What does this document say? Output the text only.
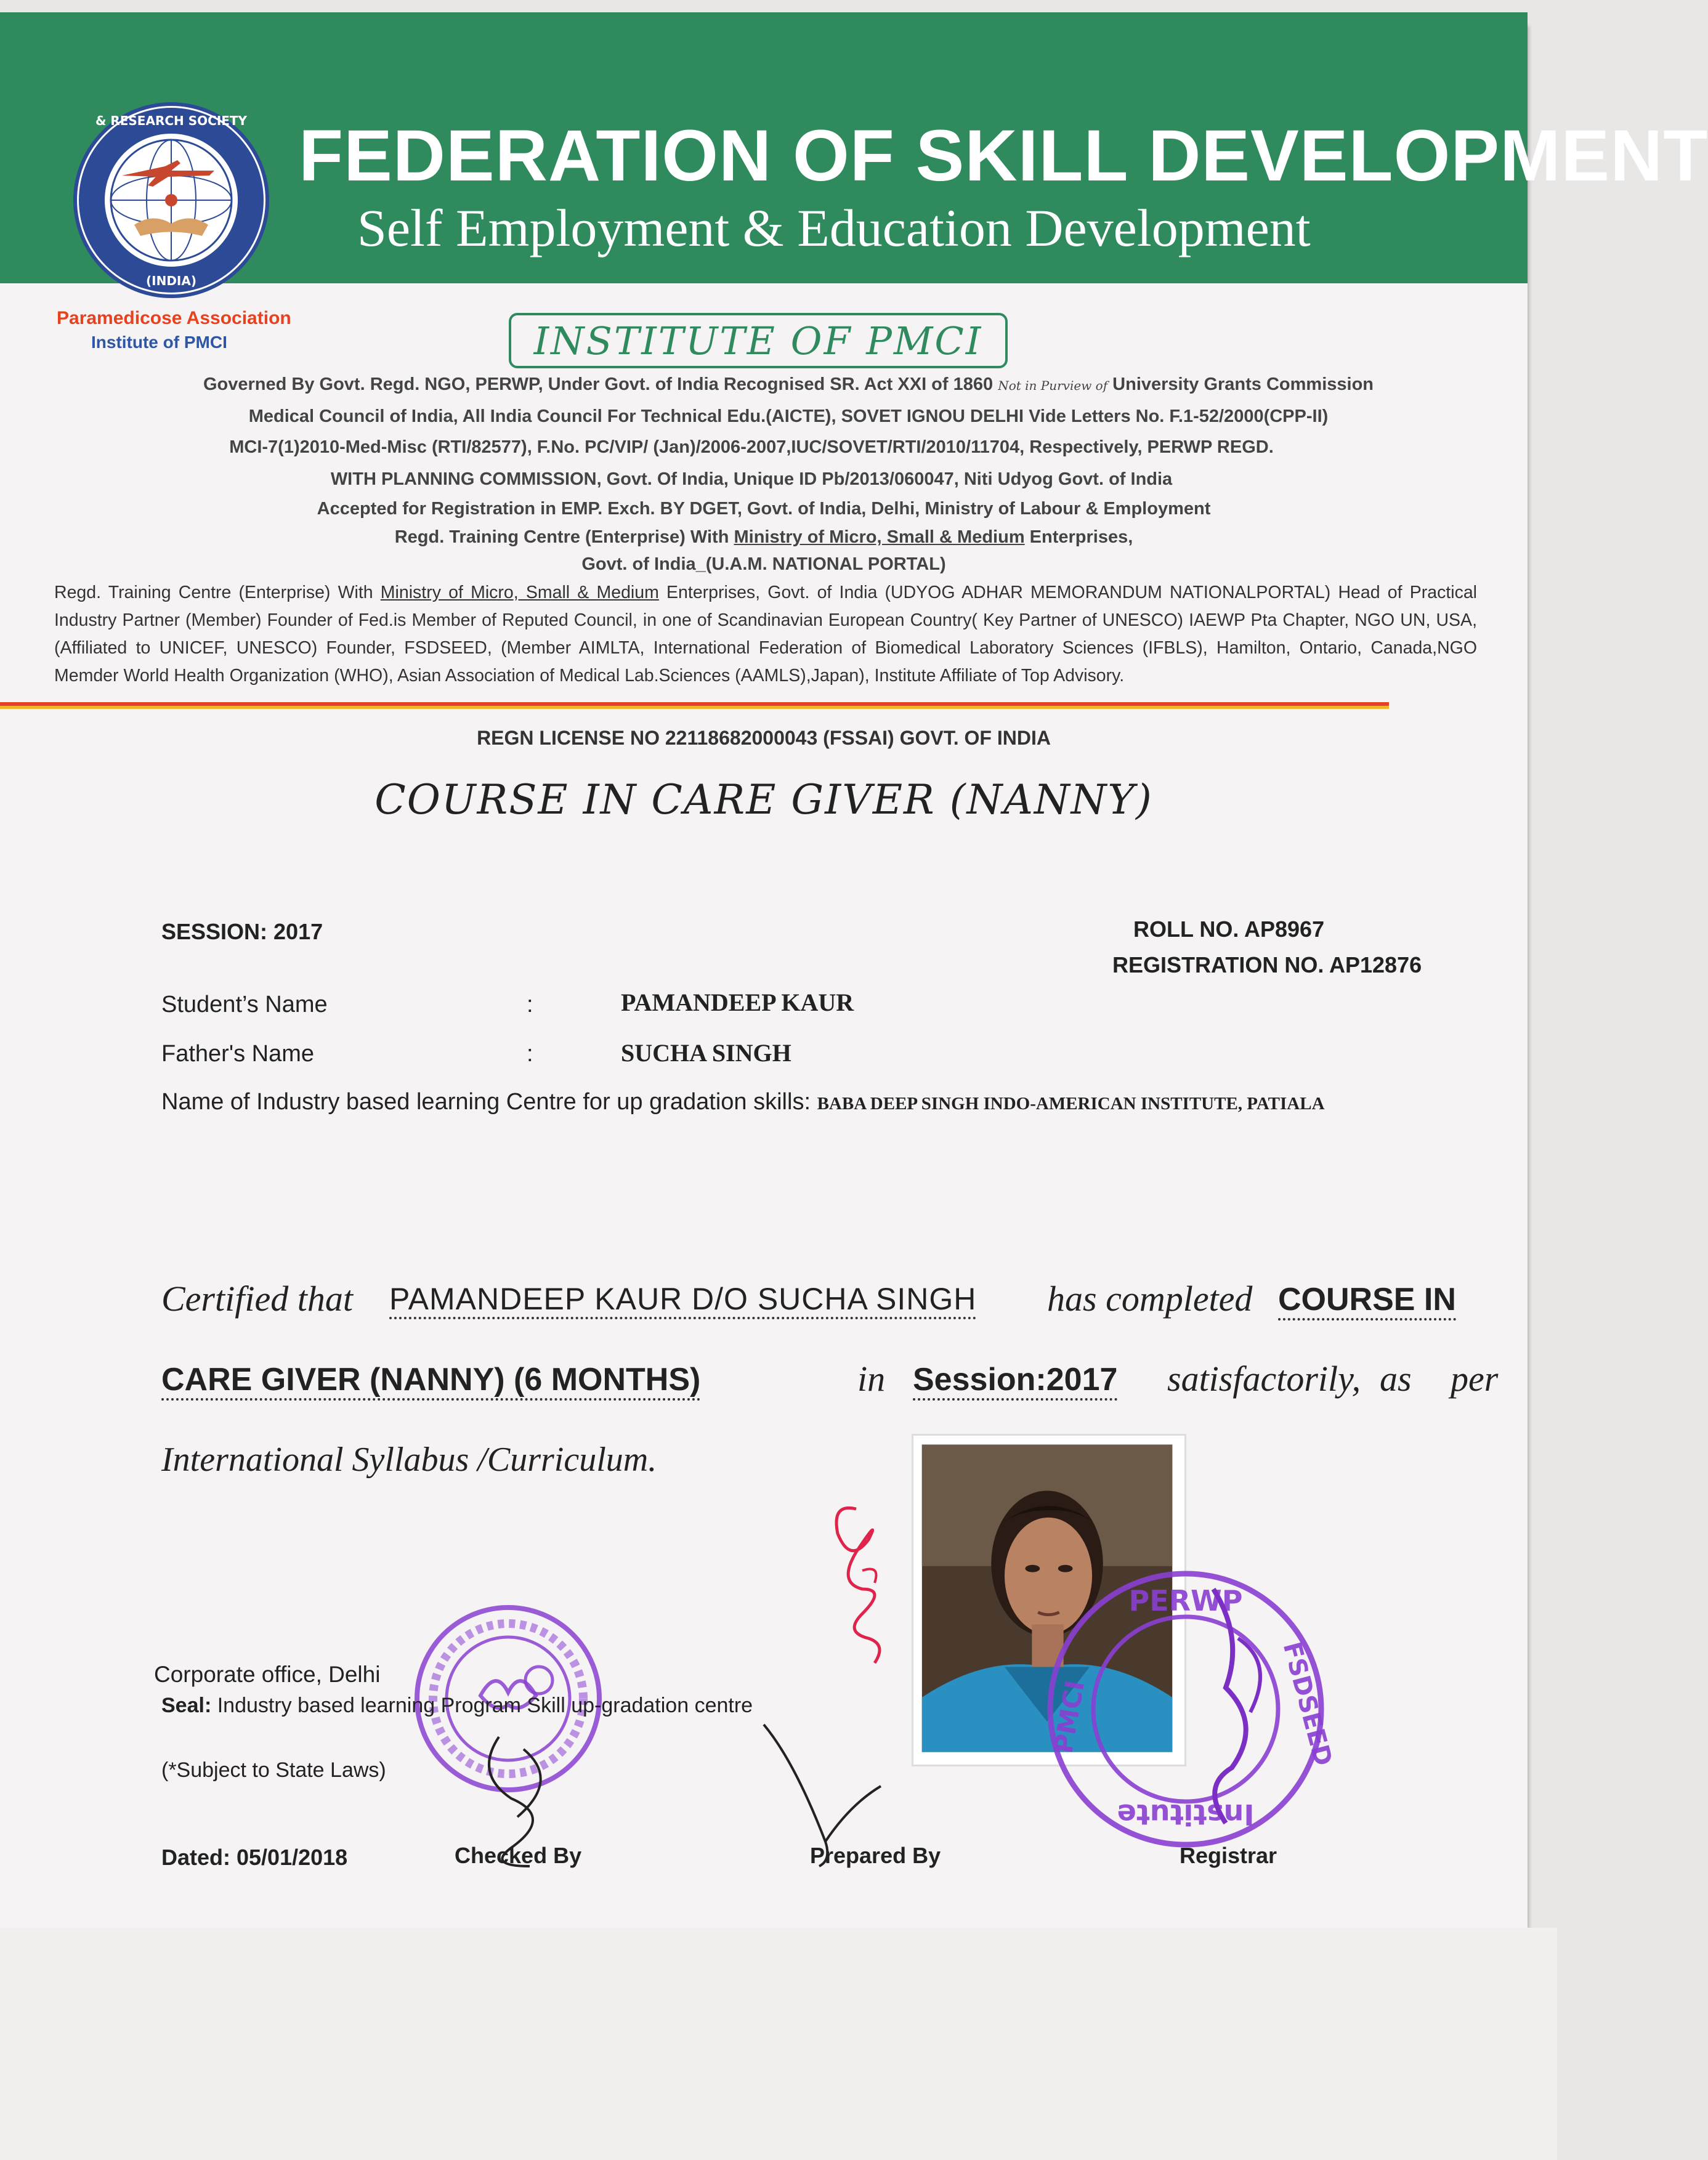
FEDERATION OF SKILL DEVELOPMENT
Self Employment & Education Development
& RESEARCH SOCIETY
(INDIA)
Paramedicose Association
Institute of PMCI	INSTITUTE OF PMCI
Governed By Govt. Regd. NGO, PERWP, Under Govt. of India Recognised SR. Act XXI of 1860 Not in Purview of University Grants Commission
Medical Council of India, All India Council For Technical Edu.(AICTE), SOVET IGNOU DELHI Vide Letters No. F.1-52/2000(CPP-II)
MCI-7(1)2010-Med-Misc (RTI/82577), F.No. PC/VIP/ (Jan)/2006-2007,IUC/SOVET/RTI/2010/11704, Respectively, PERWP REGD.
WITH PLANNING COMMISSION, Govt. Of India, Unique ID Pb/2013/060047, Niti Udyog Govt. of India
Accepted for Registration in EMP. Exch. BY DGET, Govt. of India, Delhi, Ministry of Labour & Employment
Regd. Training Centre (Enterprise) With Ministry of Micro, Small & Medium Enterprises,
Govt. of India_(U.A.M. NATIONAL PORTAL)
Regd. Training Centre (Enterprise) With Ministry of Micro, Small & Medium Enterprises, Govt. of India (UDYOG ADHAR MEMORANDUM NATIONALPORTAL) Head of Practical Industry Partner (Member) Founder of Fed.is Member of Reputed Council, in one of Scandinavian European Country( Key Partner of UNESCO) IAEWP Pta Chapter, NGO UN, USA, (Affiliated to UNICEF, UNESCO) Founder, FSDSEED, (Member AIMLTA, International Federation of Biomedical Laboratory Sciences (IFBLS), Hamilton, Ontario, Canada,NGO Memder World Health Organization (WHO), Asian Association of Medical Lab.Sciences (AAMLS),Japan), Institute Affiliate of Top Advisory.
REGN LICENSE NO 22118682000043 (FSSAI) GOVT. OF INDIA
COURSE IN CARE GIVER (NANNY)
SESSION: 2017	ROLL NO. AP8967
REGISTRATION NO. AP12876
Student’s Name	:	PAMANDEEP KAUR
Father's Name	:	SUCHA SINGH
Name of Industry based learning Centre for up gradation skills: BABA DEEP SINGH INDO-AMERICAN INSTITUTE, PATIALA
Certified that PAMANDEEP KAUR D/O SUCHA SINGH has completed COURSE IN
CARE GIVER (NANNY) (6 MONTHS)	in Session:2017 satisfactorily, as per
International Syllabus /Curriculum.
PERWP
Institute
PMCI	FSDSEED
Corporate office, Delhi
Seal: Industry based learning Program Skill up-gradation centre
(*Subject to State Laws)
Dated: 05/01/2018	Checked By	Prepared By	Registrar
